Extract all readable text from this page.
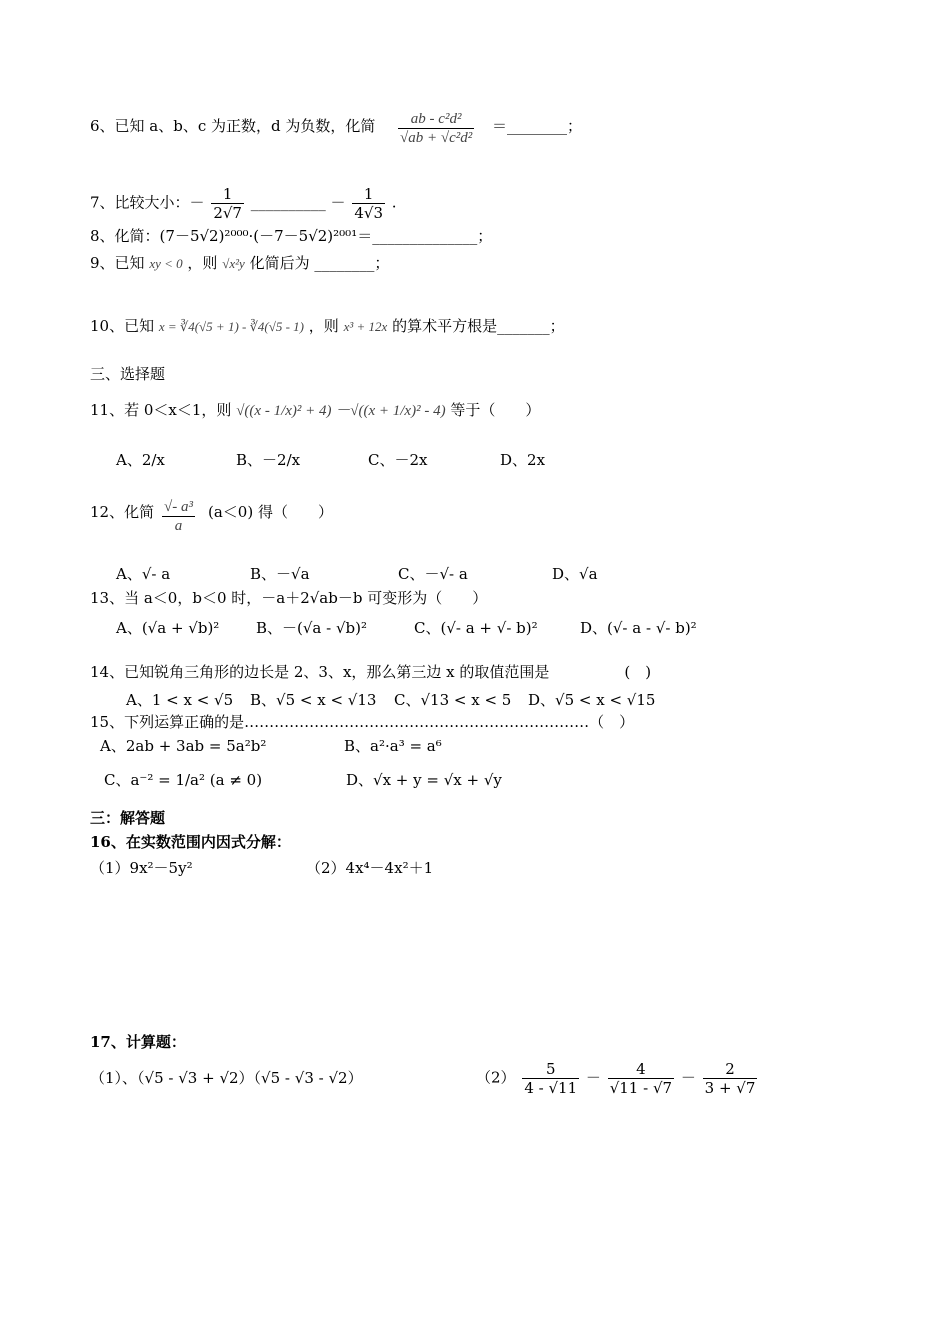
6、已知 a、b、c 为正数，d 为负数，化简 $\frac{\text{ab - c²d²}}{\text{√ab + √c²d²}}$ ＝________；
7、比较大小：－ $\frac{1}{2√7}$ __________ － $\frac{1}{4√3}$ .
8、化简：(7－5√2)²⁰⁰⁰·(－7－5√2)²⁰⁰¹＝______________；
9、已知 xy < 0 ，则 √x²y 化简后为 ________；
10、已知 x = ∛4(√5 + 1) - ∛4(√5 - 1) ，则 x³ + 12x 的算术平方根是_______；
三、选择题
11、若 0＜x＜1，则 √((x - 1/x)² + 4) －√((x + 1/x)² - 4) 等于（　　）
A、2/x	B、－2/x	C、－2x	D、2x
12、化简 $\frac{\text{√- a³}}{a} (a<0)$ 得（　　）
A、√- a	B、－√a	C、－√- a	D、√a
13、当 a＜0，b＜0 时，－a＋2√ab－b 可变形为（　　）
A、(√a + √b)² B、－(√a - √b)²	C、(√- a + √- b)²	D、(√- a - √- b)²
14、已知锐角三角形的边长是 2、3、x，那么第三边 x 的取值范围是　　　　　(　)
A、1 < x < √5 B、√5 < x < √13 C、√13 < x < 5 D、√5 < x < √15
15、下列运算正确的是……………………………………………………………（　）
A、2ab + 3ab = 5a²b²	B、a²·a³ = a⁶
C、a⁻² = 1/a² (a ≠ 0)	D、√x + y = √x + √y
三：解答题
16、在实数范围内因式分解：
（1）9x²－5y²	（2）4x⁴－4x²＋1
17、计算题：
（1）、（√5 - √3 + √2）（√5 - √3 - √2）	$(2) \frac{5}{4 - √11} - \frac{4}{√11 - √7} - \frac{2}{3 + √7}$
